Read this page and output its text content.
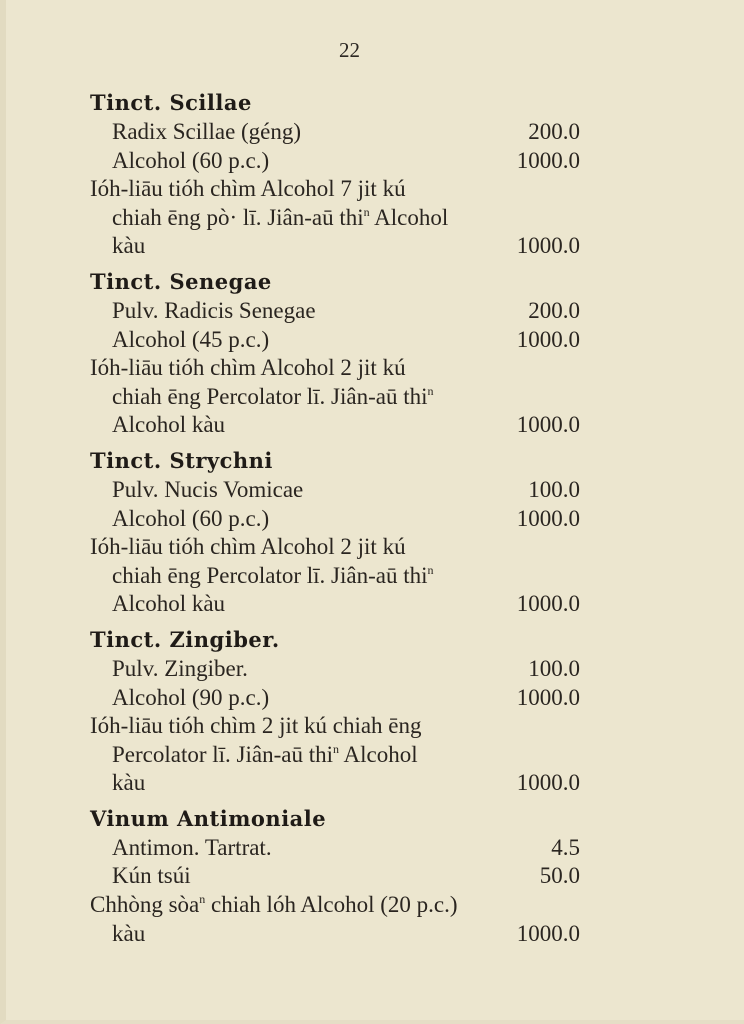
22
Tinct. Scillae
Radix Scillae (géng)	200.0
Alcohol (60 p.c.)	1000.0
Ióh-liāu tióh chìm Alcohol 7 jit kú
chiah ēng pò· lī. Jiân-aū thi$^n$ Alcohol
kàu	1000.0
Tinct. Senegae
Pulv. Radicis Senegae	200.0
Alcohol (45 p.c.)	1000.0
Ióh-liāu tióh chìm Alcohol 2 jit kú
chiah ēng Percolator lī. Jiân-aū thi$^n$
Alcohol kàu	1000.0
Tinct. Strychni
Pulv. Nucis Vomicae	100.0
Alcohol (60 p.c.)	1000.0
Ióh-liāu tióh chìm Alcohol 2 jit kú
chiah ēng Percolator lī. Jiân-aū thi$^n$
Alcohol kàu	1000.0
Tinct. Zingiber.
Pulv. Zingiber.	100.0
Alcohol (90 p.c.)	1000.0
Ióh-liāu tióh chìm 2 jit kú chiah ēng
Percolator lī. Jiân-aū thi$^n$ Alcohol
kàu	1000.0
Vinum Antimoniale
Antimon. Tartrat.	4.5
Kún tsúi	50.0
Chhòng sòa$^n$ chiah lóh Alcohol (20 p.c.)
kàu	1000.0
